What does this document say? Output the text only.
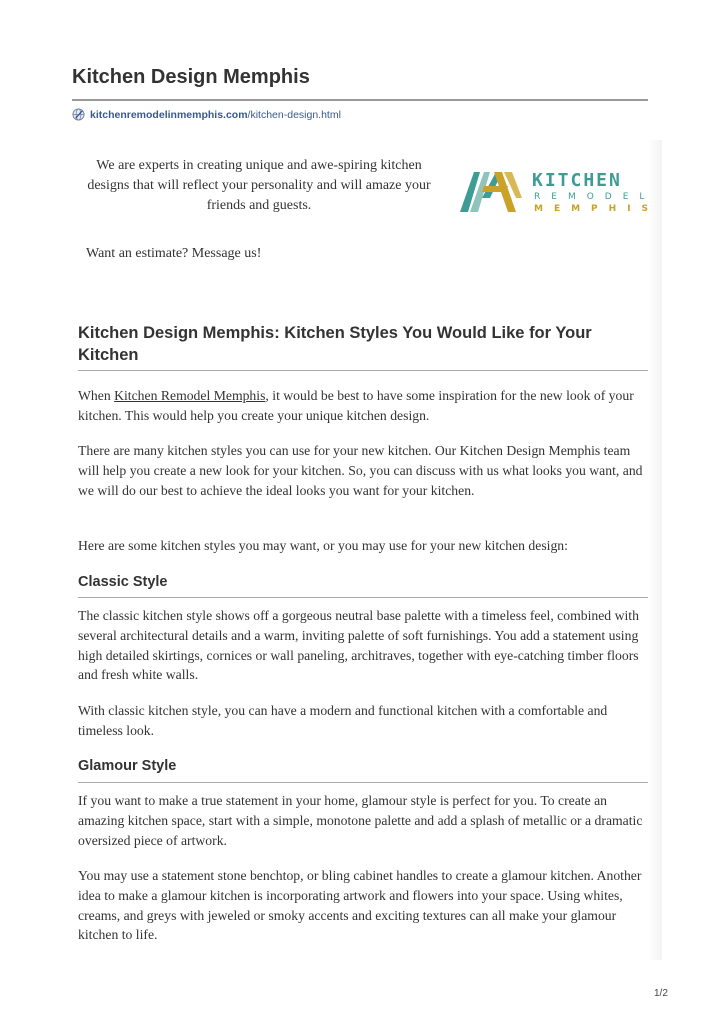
Kitchen Design Memphis
kitchenremodelinmemphis.com /kitchen-design.html
We are experts in creating unique and awe-spiring kitchen designs that will reflect your personality and will amaze your friends and guests.
KITCHEN
REMODEL
MEMPHIS
Want an estimate? Message us!
Kitchen Design Memphis: Kitchen Styles You Would Like for Your Kitchen
When Kitchen Remodel Memphis, it would be best to have some inspiration for the new look of your kitchen. This would help you create your unique kitchen design.
There are many kitchen styles you can use for your new kitchen. Our Kitchen Design Memphis team will help you create a new look for your kitchen. So, you can discuss with us what looks you want, and we will do our best to achieve the ideal looks you want for your kitchen.
Here are some kitchen styles you may want, or you may use for your new kitchen design:
Classic Style
The classic kitchen style shows off a gorgeous neutral base palette with a timeless feel, combined with several architectural details and a warm, inviting palette of soft furnishings. You add a statement using high detailed skirtings, cornices or wall paneling, architraves, together with eye-catching timber floors and fresh white walls.
With classic kitchen style, you can have a modern and functional kitchen with a comfortable and timeless look.
Glamour Style
If you want to make a true statement in your home, glamour style is perfect for you. To create an amazing kitchen space, start with a simple, monotone palette and add a splash of metallic or a dramatic oversized piece of artwork.
You may use a statement stone benchtop, or bling cabinet handles to create a glamour kitchen. Another idea to make a glamour kitchen is incorporating artwork and flowers into your space. Using whites, creams, and greys with jeweled or smoky accents and exciting textures can all make your glamour kitchen to life.
1/2
